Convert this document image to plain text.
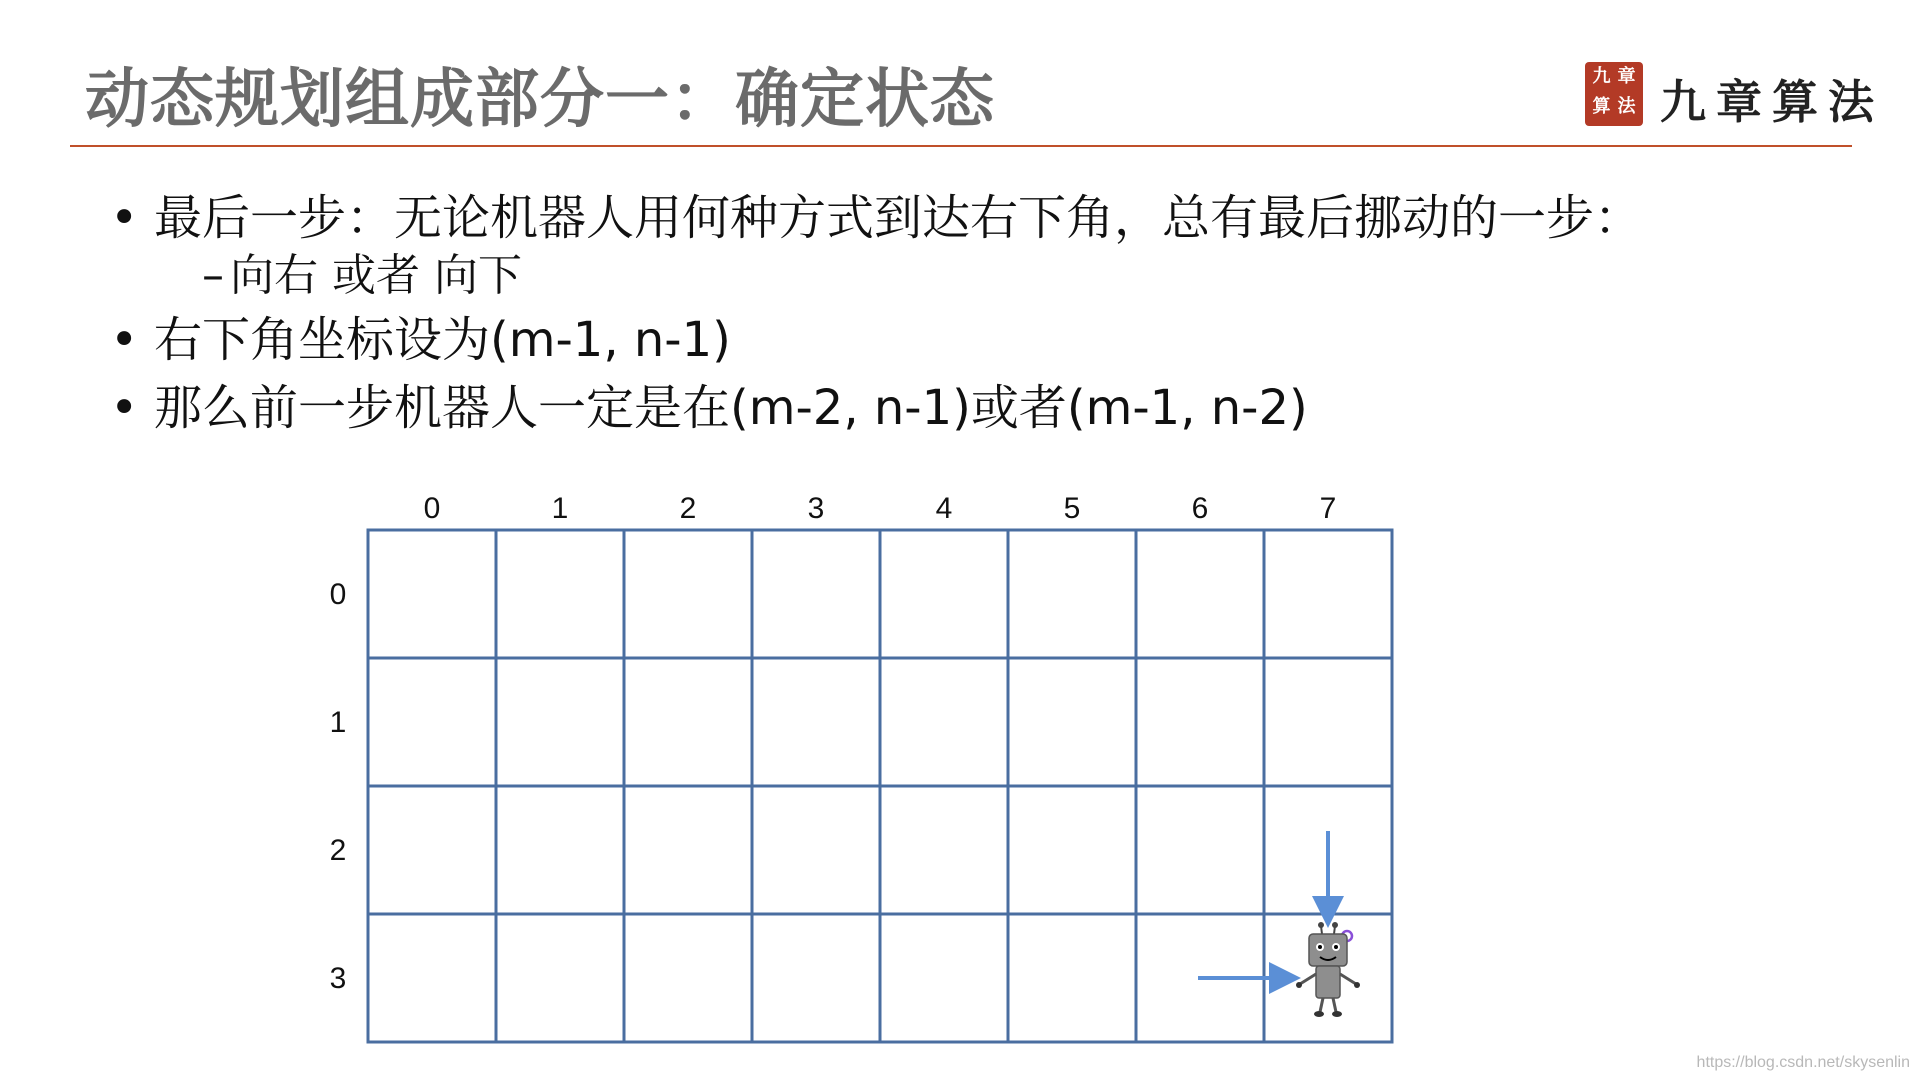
动态规划组成部分一：确定状态	九 章
算 法 九章算法
• 最后一步：无论机器人用何种方式到达右下角，总有最后挪动的一步：
– 向右 或者 向下
• 右下角坐标设为(m-1, n-1)
• 那么前一步机器人一定是在(m-2, n-1)或者(m-1, n-2)
0	1	2	3	4	5	6	7
0
1
2
3
https://blog.csdn.net/skysenlin
